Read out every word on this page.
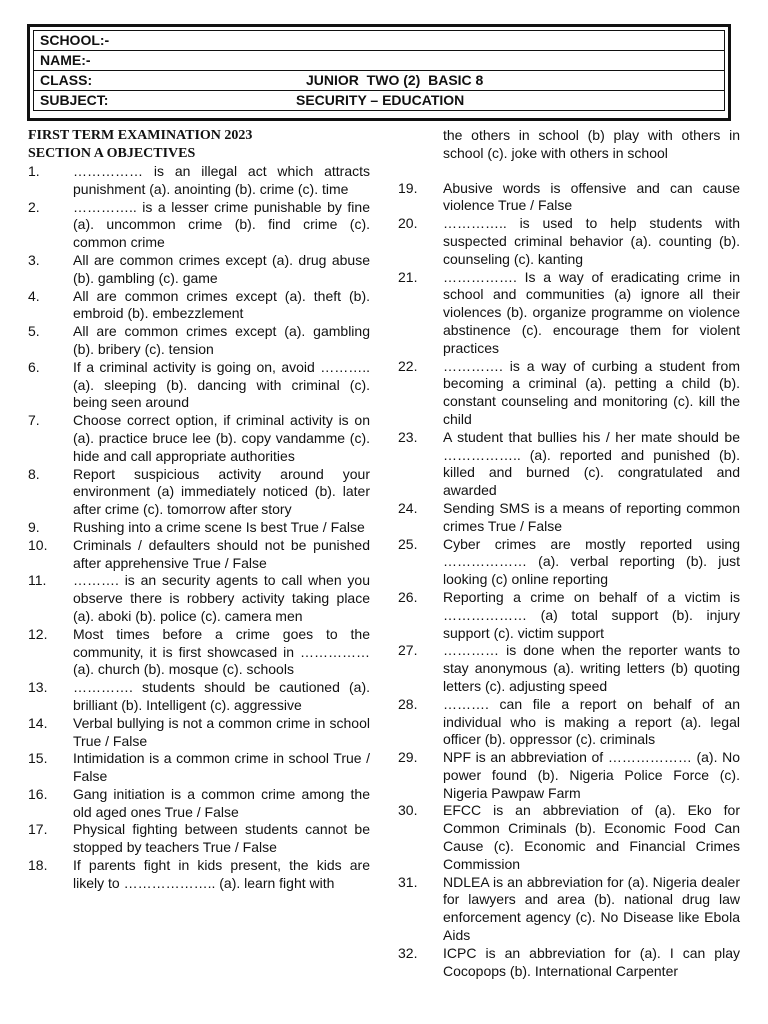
SCHOOL:-
NAME:-
CLASS:	JUNIOR  TWO (2)  BASIC 8
SUBJECT:	SECURITY – EDUCATION

FIRST TERM EXAMINATION 2023

SECTION A OBJECTIVES

1.	…………… is an illegal act which attracts punishment (a). anointing (b). crime (c). time
2.	………….. is a lesser crime punishable by fine (a). uncommon crime (b). find crime (c). common crime
3.	All are common crimes except (a). drug abuse (b). gambling (c). game
4.	All are common crimes except (a). theft (b). embroid (b). embezzlement
5.	All are common crimes except (a). gambling (b). bribery (c). tension
6.	If a criminal activity is going on, avoid ……….. (a). sleeping (b). dancing with criminal (c). being seen around
7.	Choose correct option, if criminal activity is on (a). practice bruce lee (b). copy vandamme (c). hide and call appropriate authorities
8.	Report suspicious activity around your environment (a) immediately noticed (b). later after crime (c). tomorrow after story
9.	Rushing into a crime scene Is best True / False
10.	Criminals / defaulters should not be punished after apprehensive True / False
11.	………. is an security agents to call when you observe there is robbery activity taking place (a). aboki (b). police (c). camera men
12.	Most times before a crime goes to the community, it is first showcased in …………… (a). church (b). mosque (c). schools
13.	…………. students should be cautioned (a). brilliant (b). Intelligent (c). aggressive
14.	Verbal bullying is not a common crime in school True / False
15.	Intimidation is a common crime in school True / False
16.	Gang initiation is a common crime among the old aged ones True / False
17.	Physical fighting between students cannot be stopped by teachers True / False
18.	If parents fight in kids present, the kids are likely to ……………….. (a). learn fight with
the others in school (b) play with others in school (c). joke with others in school
19.	Abusive words is offensive and can cause violence True / False
20.	………….. is used to help students with suspected criminal behavior (a). counting (b). counseling (c). kanting
21.	……………. Is a way of eradicating crime in school and communities (a) ignore all their violences (b). organize programme on violence abstinence (c). encourage them for violent practices
22.	…………. is a way of curbing a student from becoming a criminal (a). petting a child (b). constant counseling and monitoring (c). kill the child
23.	A student that bullies his / her mate should be …………….. (a). reported and punished (b). killed and burned (c). congratulated and awarded
24.	Sending SMS is a means of reporting common crimes True / False
25.	Cyber crimes are mostly reported using ……………… (a). verbal reporting (b). just looking (c) online reporting
26.	Reporting a crime on behalf of a victim is ……………… (a) total support (b). injury support (c). victim support
27.	………… is done when the reporter wants to stay anonymous (a). writing letters (b) quoting letters (c). adjusting speed
28.	………. can file a report on behalf of an individual who is making a report (a). legal officer (b). oppressor (c). criminals
29.	NPF is an abbreviation of ……………… (a). No power found (b). Nigeria Police Force (c). Nigeria Pawpaw Farm
30.	EFCC is an abbreviation of (a). Eko for Common Criminals (b). Economic Food Can Cause (c). Economic and Financial Crimes Commission
31.	NDLEA is an abbreviation for (a). Nigeria dealer for lawyers and area (b). national drug law enforcement agency (c). No Disease like Ebola Aids
32.	ICPC is an abbreviation for (a). I can play Cocopops (b). International Carpenter
